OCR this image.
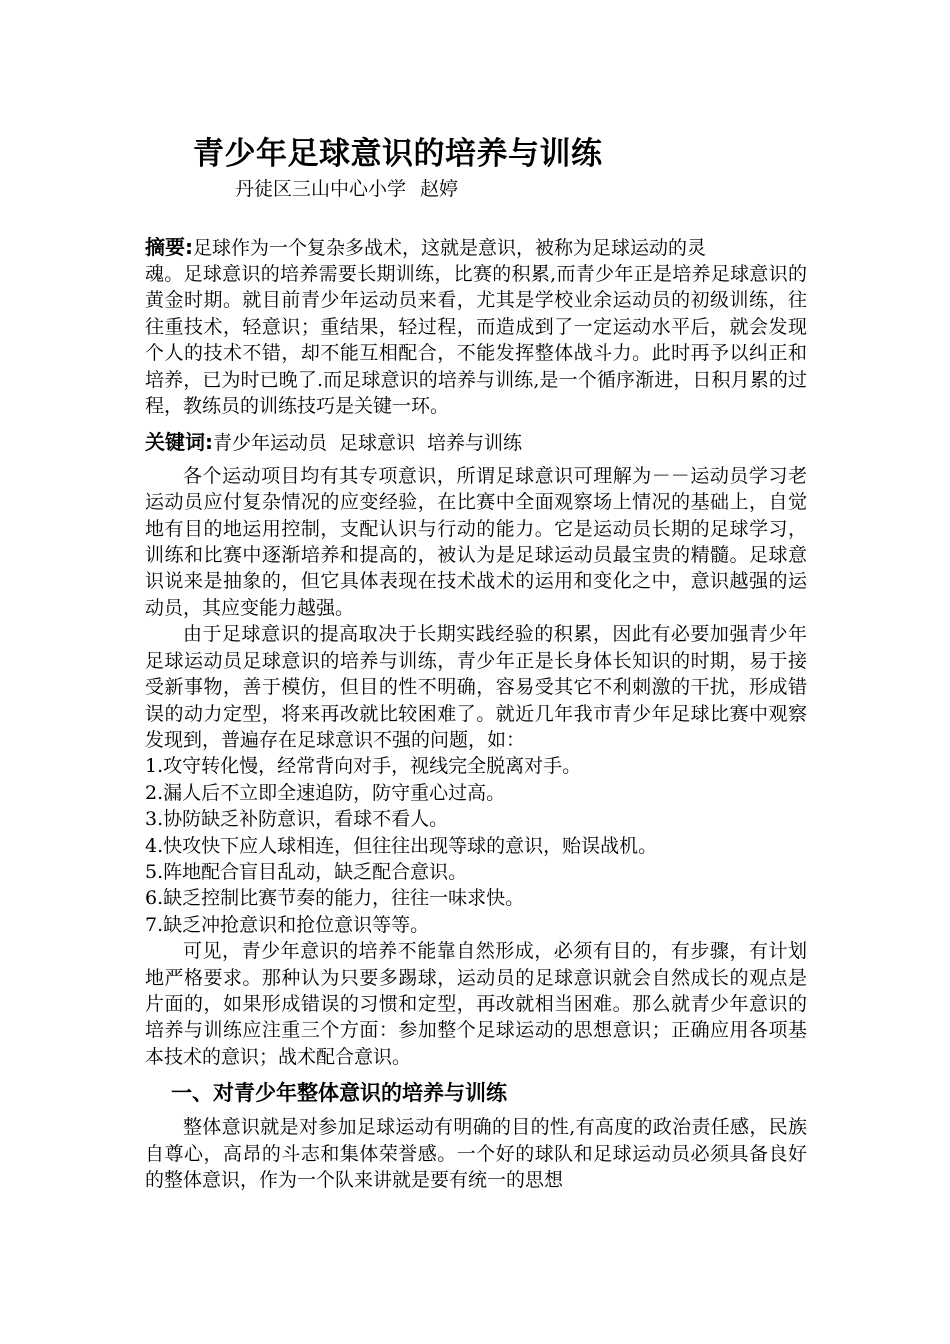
青少年足球意识的培养与训练
丹徒区三山中心小学 赵婷

摘要:足球作为一个复杂多战术，这就是意识，被称为足球运动的灵

魂。足球意识的培养需要长期训练，比赛的积累,而青少年正是培养足球意识的黄金时期。就目前青少年运动员来看，尤其是学校业余运动员的初级训练，往往重技术，轻意识；重结果，轻过程，而造成到了一定运动水平后，就会发现个人的技术不错，却不能互相配合，不能发挥整体战斗力。此时再予以纠正和培养，已为时已晚了.而足球意识的培养与训练,是一个循序渐进，日积月累的过程，教练员的训练技巧是关键一环。

关键词:青少年运动员 足球意识 培养与训练

各个运动项目均有其专项意识，所谓足球意识可理解为－－运动员学习老运动员应付复杂情况的应变经验，在比赛中全面观察场上情况的基础上，自觉地有目的地运用控制，支配认识与行动的能力。它是运动员长期的足球学习，训练和比赛中逐渐培养和提高的，被认为是足球运动员最宝贵的精髓。足球意识说来是抽象的，但它具体表现在技术战术的运用和变化之中，意识越强的运动员，其应变能力越强。

由于足球意识的提高取决于长期实践经验的积累，因此有必要加强青少年足球运动员足球意识的培养与训练，青少年正是长身体长知识的时期，易于接受新事物，善于模仿，但目的性不明确，容易受其它不利刺激的干扰，形成错误的动力定型，将来再改就比较困难了。就近几年我市青少年足球比赛中观察发现到，普遍存在足球意识不强的问题，如：

1.攻守转化慢，经常背向对手，视线完全脱离对手。

2.漏人后不立即全速追防，防守重心过高。

3.协防缺乏补防意识，看球不看人。

4.快攻快下应人球相连，但往往出现等球的意识，贻误战机。

5.阵地配合盲目乱动，缺乏配合意识。

6.缺乏控制比赛节奏的能力，往往一味求快。

7.缺乏冲抢意识和抢位意识等等。

可见，青少年意识的培养不能靠自然形成，必须有目的，有步骤，有计划地严格要求。那种认为只要多踢球，运动员的足球意识就会自然成长的观点是片面的，如果形成错误的习惯和定型，再改就相当困难。那么就青少年意识的培养与训练应注重三个方面：参加整个足球运动的思想意识；正确应用各项基本技术的意识；战术配合意识。

一、对青少年整体意识的培养与训练

整体意识就是对参加足球运动有明确的目的性,有高度的政治责任感，民族自尊心，高昂的斗志和集体荣誉感。一个好的球队和足球运动员必须具备良好的整体意识，作为一个队来讲就是要有统一的思想
